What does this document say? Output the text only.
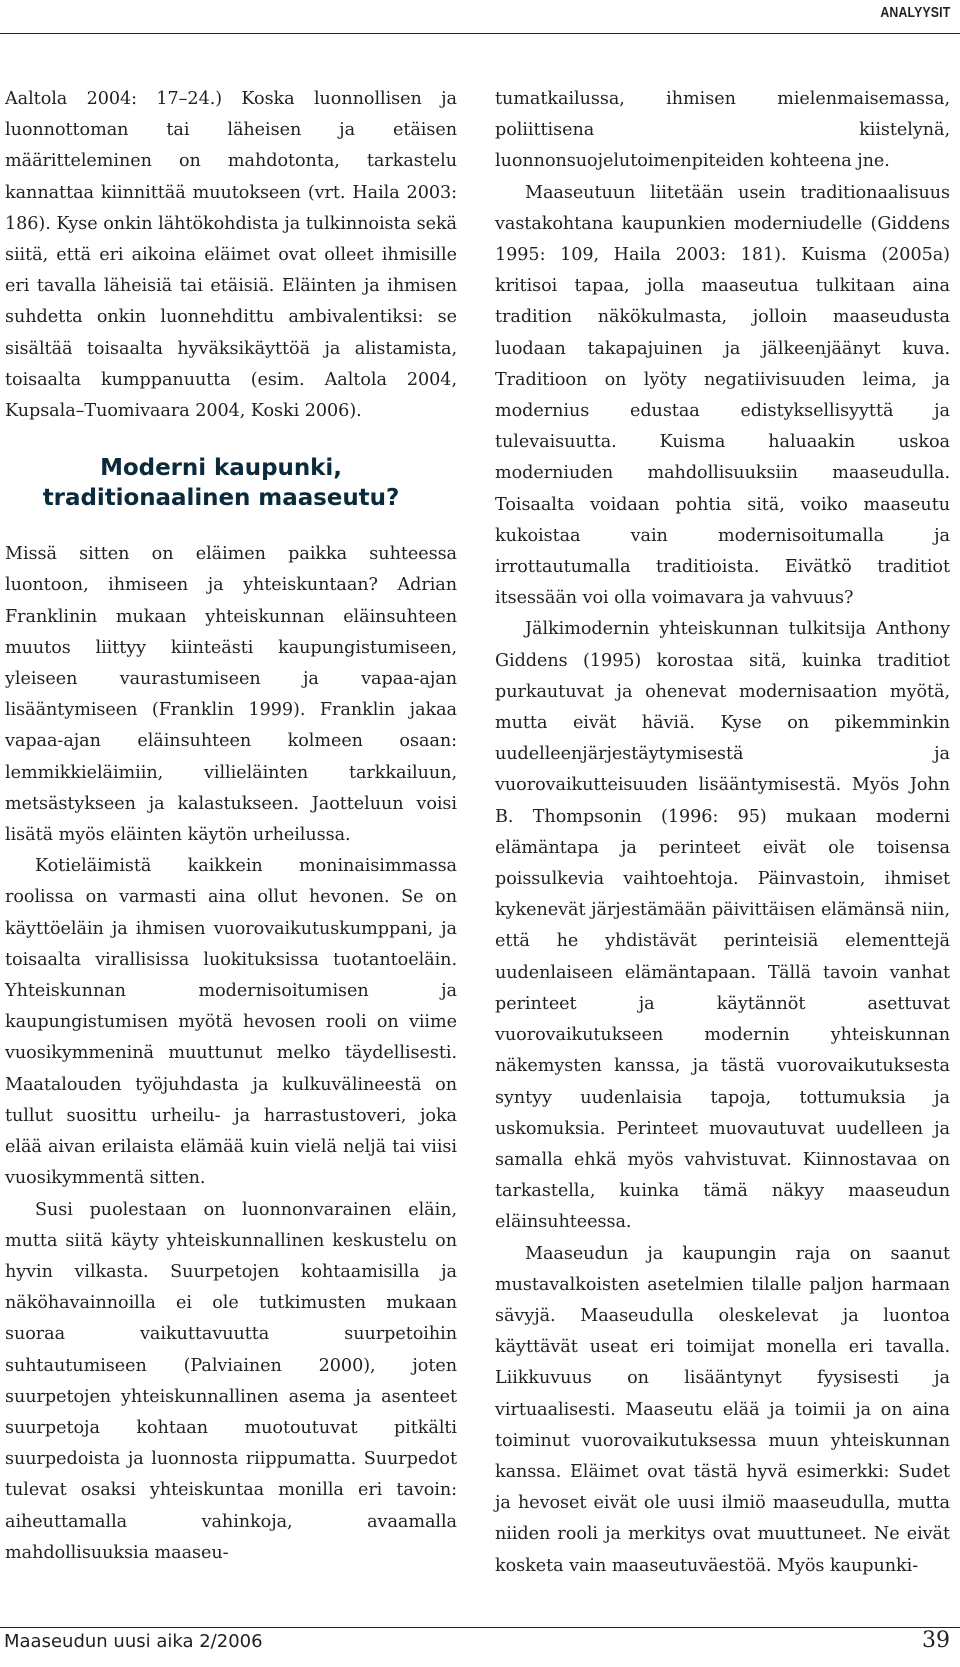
ANALYYSIT

Aaltola 2004: 17–24.) Koska luonnollisen ja luonnottoman tai läheisen ja etäisen määritteleminen on mahdotonta, tarkastelu kannattaa kiinnittää muutokseen (vrt. Haila 2003: 186). Kyse onkin lähtökohdista ja tulkinnoista sekä siitä, että eri aikoina eläimet ovat olleet ihmisille eri tavalla läheisiä tai etäisiä. Eläinten ja ihmisen suhdetta onkin luonnehdittu ambivalentiksi: se sisältää toisaalta hyväksikäyttöä ja alistamista, toisaalta kumppanuutta (esim. Aaltola 2004, Kupsala–Tuomivaara 2004, Koski 2006).

Moderni kaupunki,
traditionaalinen maaseutu?

Missä sitten on eläimen paikka suhteessa luontoon, ihmiseen ja yhteiskuntaan? Adrian Franklinin mukaan yhteiskunnan eläinsuhteen muutos liittyy kiinteästi kaupungistumiseen, yleiseen vaurastumiseen ja vapaa-ajan lisääntymiseen (Franklin 1999). Franklin jakaa vapaa-ajan eläinsuhteen kolmeen osaan: lemmikkieläimiin, villieläinten tarkkailuun, metsästykseen ja kalastukseen. Jaotteluun voisi lisätä myös eläinten käytön urheilussa.

Kotieläimistä kaikkein moninaisimmassa roolissa on varmasti aina ollut hevonen. Se on käyttöeläin ja ihmisen vuorovaikutuskumppani, ja toisaalta virallisissa luokituksissa tuotantoeläin. Yhteiskunnan modernisoitumisen ja kaupungistumisen myötä hevosen rooli on viime vuosikymmeninä muuttunut melko täydellisesti. Maatalouden työjuhdasta ja kulkuvälineestä on tullut suosittu urheilu- ja harrastustoveri, joka elää aivan erilaista elämää kuin vielä neljä tai viisi vuosikymmentä sitten.

Susi puolestaan on luonnonvarainen eläin, mutta siitä käyty yhteiskunnallinen keskustelu on hyvin vilkasta. Suurpetojen kohtaamisilla ja näköhavainnoilla ei ole tutkimusten mukaan suoraa vaikuttavuutta suurpetoihin suhtautumiseen (Palviainen 2000), joten suurpetojen yhteiskunnallinen asema ja asenteet suurpetoja kohtaan muotoutuvat pitkälti suurpedoista ja luonnosta riippumatta. Suurpedot tulevat osaksi yhteiskuntaa monilla eri tavoin: aiheuttamalla vahinkoja, avaamalla mahdollisuuksia maaseu-

tumatkailussa, ihmisen mielenmaisemassa, poliittisena kiistelynä, luonnonsuojelutoimenpiteiden kohteena jne.

Maaseutuun liitetään usein traditionaalisuus vastakohtana kaupunkien moderniudelle (Giddens 1995: 109, Haila 2003: 181). Kuisma (2005a) kritisoi tapaa, jolla maaseutua tulkitaan aina tradition näkökulmasta, jolloin maaseudusta luodaan takapajuinen ja jälkeenjäänyt kuva. Traditioon on lyöty negatiivisuuden leima, ja modernius edustaa edistyksellisyyttä ja tulevaisuutta. Kuisma haluaakin uskoa moderniuden mahdollisuuksiin maaseudulla. Toisaalta voidaan pohtia sitä, voiko maaseutu kukoistaa vain modernisoitumalla ja irrottautumalla traditioista. Eivätkö traditiot itsessään voi olla voimavara ja vahvuus?

Jälkimodernin yhteiskunnan tulkitsija Anthony Giddens (1995) korostaa sitä, kuinka traditiot purkautuvat ja ohenevat modernisaation myötä, mutta eivät häviä. Kyse on pikemminkin uudelleenjärjestäytymisestä ja vuorovaikutteisuuden lisääntymisestä. Myös John B. Thompsonin (1996: 95) mukaan moderni elämäntapa ja perinteet eivät ole toisensa poissulkevia vaihtoehtoja. Päinvastoin, ihmiset kykenevät järjestämään päivittäisen elämänsä niin, että he yhdistävät perinteisiä elementtejä uudenlaiseen elämäntapaan. Tällä tavoin vanhat perinteet ja käytännöt asettuvat vuorovaikutukseen modernin yhteiskunnan näkemysten kanssa, ja tästä vuorovaikutuksesta syntyy uudenlaisia tapoja, tottumuksia ja uskomuksia. Perinteet muovautuvat uudelleen ja samalla ehkä myös vahvistuvat. Kiinnostavaa on tarkastella, kuinka tämä näkyy maaseudun eläinsuhteessa.

Maaseudun ja kaupungin raja on saanut mustavalkoisten asetelmien tilalle paljon harmaan sävyjä. Maaseudulla oleskelevat ja luontoa käyttävät useat eri toimijat monella eri tavalla. Liikkuvuus on lisääntynyt fyysisesti ja virtuaalisesti. Maaseutu elää ja toimii ja on aina toiminut vuorovaikutuksessa muun yhteiskunnan kanssa. Eläimet ovat tästä hyvä esimerkki: Sudet ja hevoset eivät ole uusi ilmiö maaseudulla, mutta niiden rooli ja merkitys ovat muuttuneet. Ne eivät kosketa vain maaseutuväestöä. Myös kaupunki-

Maaseudun uusi aika 2/2006	39
